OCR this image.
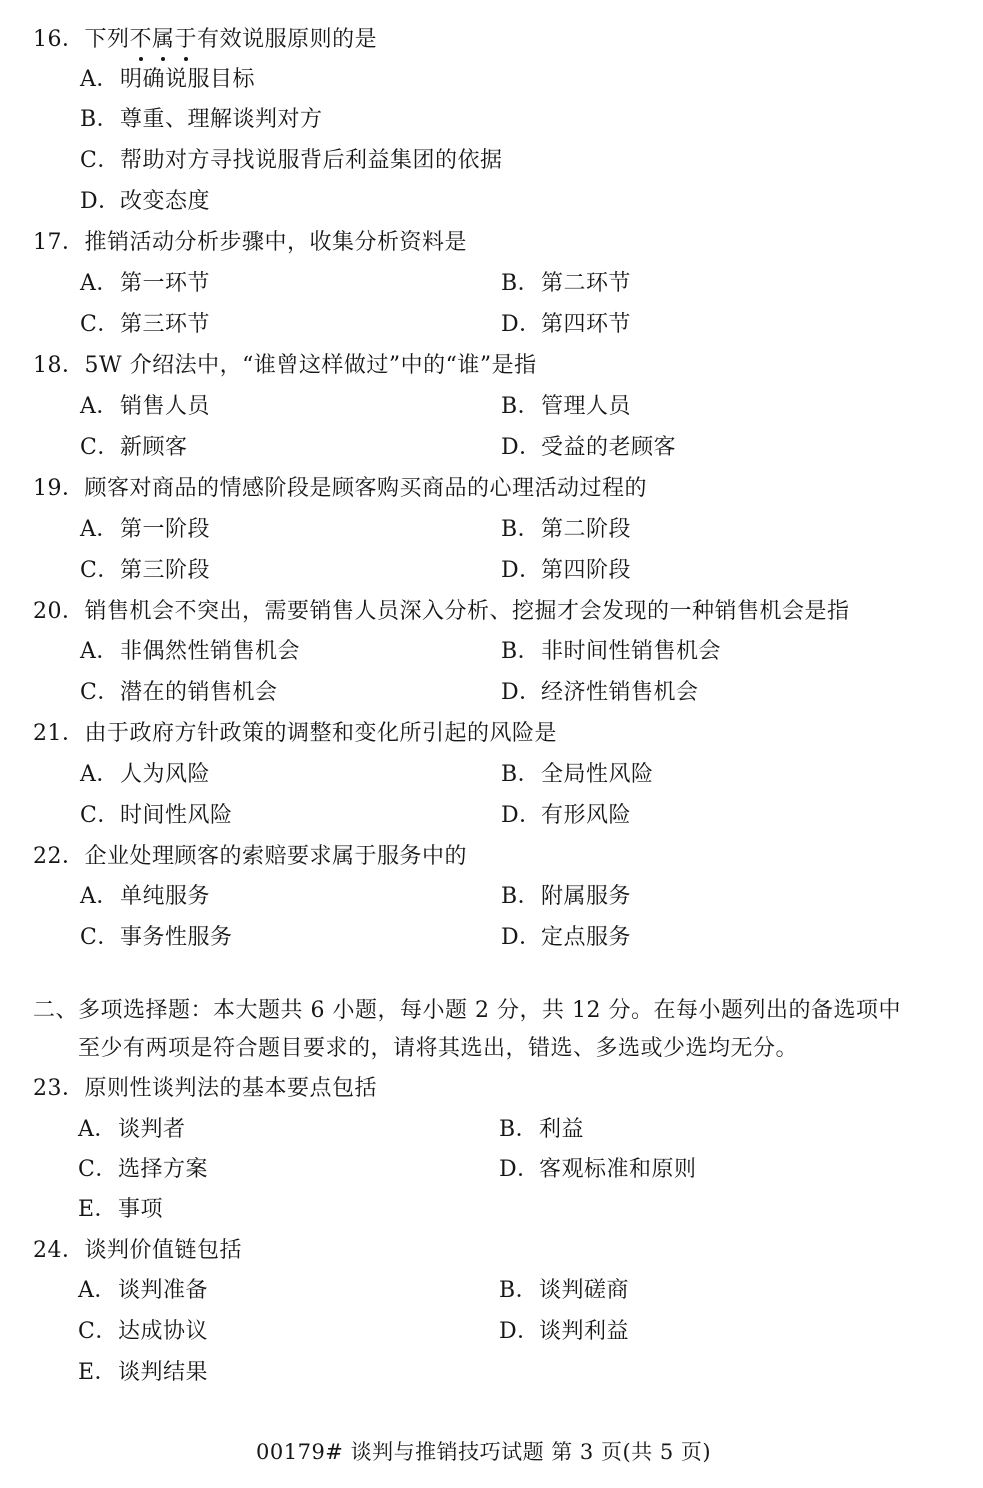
16．下列不属于有效说服原则的是
A．明确说服目标
B．尊重、理解谈判对方
C．帮助对方寻找说服背后利益集团的依据
D．改变态度
17．推销活动分析步骤中，收集分析资料是
A．第一环节	B．第二环节
C．第三环节	D．第四环节
18．5W 介绍法中，“谁曾这样做过”中的“谁”是指
A．销售人员	B．管理人员
C．新顾客	D．受益的老顾客
19．顾客对商品的情感阶段是顾客购买商品的心理活动过程的
A．第一阶段	B．第二阶段
C．第三阶段	D．第四阶段
20．销售机会不突出，需要销售人员深入分析、挖掘才会发现的一种销售机会是指
A．非偶然性销售机会	B．非时间性销售机会
C．潜在的销售机会	D．经济性销售机会
21．由于政府方针政策的调整和变化所引起的风险是
A．人为风险	B．全局性风险
C．时间性风险	D．有形风险
22．企业处理顾客的索赔要求属于服务中的
A．单纯服务	B．附属服务
C．事务性服务	D．定点服务
二、多项选择题：本大题共 6 小题，每小题 2 分，共 12 分。在每小题列出的备选项中
至少有两项是符合题目要求的，请将其选出，错选、多选或少选均无分。
23．原则性谈判法的基本要点包括
A．谈判者	B．利益
C．选择方案	D．客观标准和原则
E．事项
24．谈判价值链包括
A．谈判准备	B．谈判磋商
C．达成协议	D．谈判利益
E．谈判结果
00179# 谈判与推销技巧试题 第 3 页(共 5 页)
